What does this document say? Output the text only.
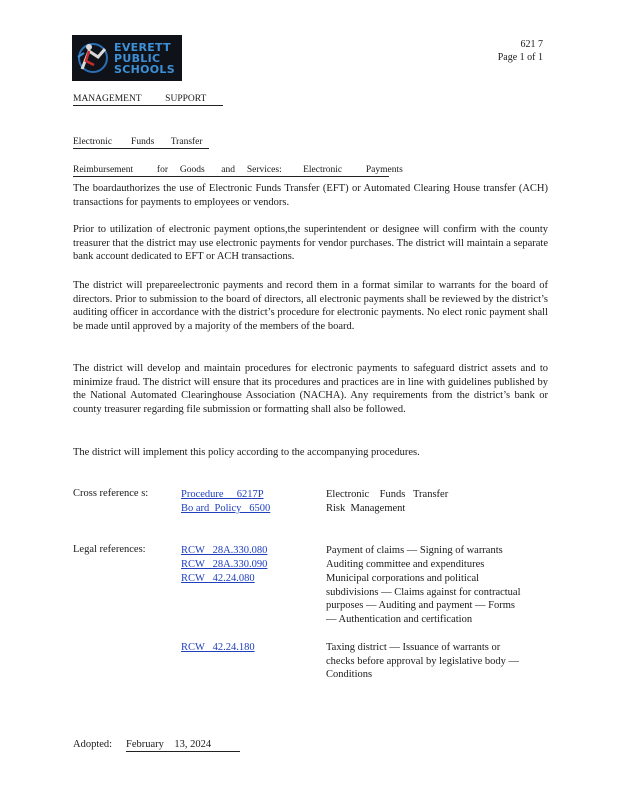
EVERETT
PUBLIC
SCHOOLS
621 7
Page 1 of 1
MANAGEMENT          SUPPORT
Electronic        Funds       Transfer
Reimbursement          for     Goods       and     Services:         Electronic          Payments

The boardauthorizes the use of Electronic Funds Transfer (EFT) or Automated Clearing House transfer (ACH) transactions for payments to employees or vendors.

Prior to utilization of electronic payment options,the superintendent or designee will confirm with the county treasurer that the district may use electronic payments for vendor purchases. The district will maintain a separate bank account dedicated to EFT or ACH transactions.

The district will prepareelectronic payments and record them in a format similar to warrants for the board of directors. Prior to submission to the board of directors, all electronic payments shall be reviewed by the district’s auditing officer in accordance with the district’s procedure for electronic payments. No elect ronic payment shall be made until approved by a majority of the members of the board.

The district will develop and maintain procedures for electronic payments to safeguard district assets and to minimize fraud. The district will ensure that its procedures and practices are in line with guidelines published by the National Automated Clearinghouse Association (NACHA). Any requirements from the district’s bank or county treasurer regarding file submission or formatting shall also be followed.

The district will implement this policy according to the accompanying procedures.

Cross reference s:	Procedure     6217P	Electronic    Funds   Transfer
Bo ard  Policy   6500	Risk  Management
Legal references:	RCW   28A.330.080	Payment of claims — Signing of warrants
RCW   28A.330.090	Auditing committee and expenditures
RCW   42.24.080	Municipal corporations and political subdivisions — Claims against for contractual purposes — Auditing and payment — Forms — Authentication and certification
RCW   42.24.180	Taxing district — Issuance of warrants or checks before approval by legislative body — Conditions
Adopted: February    13, 2024
